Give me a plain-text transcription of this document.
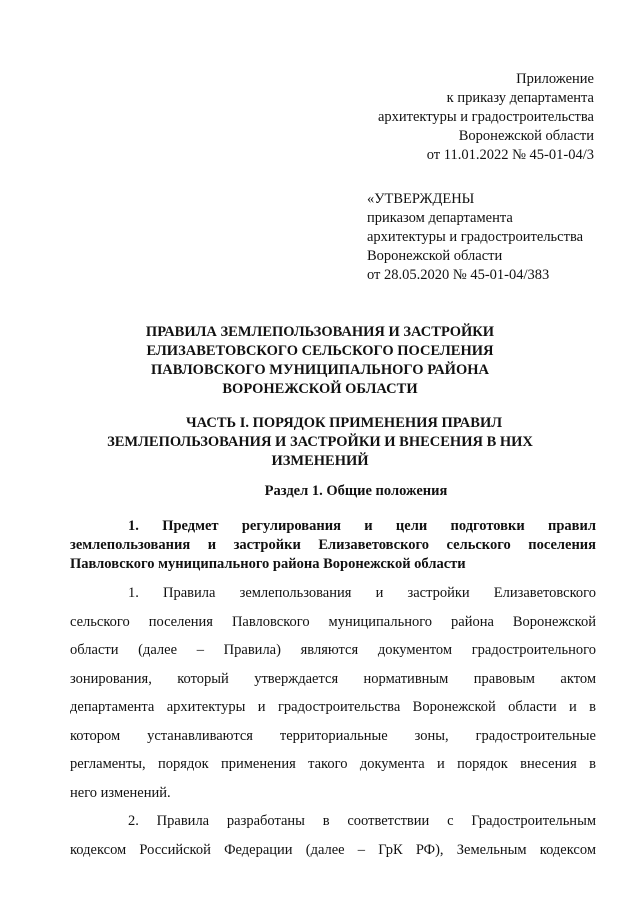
Приложение
к приказу департамента
архитектуры и градостроительства
Воронежской области
от 11.01.2022 № 45-01-04/3
«УТВЕРЖДЕНЫ
приказом департамента
архитектуры и градостроительства
Воронежской области
от 28.05.2020 № 45-01-04/383
ПРАВИЛА ЗЕМЛЕПОЛЬЗОВАНИЯ И ЗАСТРОЙКИ
ЕЛИЗАВЕТОВСКОГО СЕЛЬСКОГО ПОСЕЛЕНИЯ
ПАВЛОВСКОГО МУНИЦИПАЛЬНОГО РАЙОНА
ВОРОНЕЖСКОЙ ОБЛАСТИ
ЧАСТЬ I. ПОРЯДОК ПРИМЕНЕНИЯ ПРАВИЛ
ЗЕМЛЕПОЛЬЗОВАНИЯ И ЗАСТРОЙКИ И ВНЕСЕНИЯ В НИХ
ИЗМЕНЕНИЙ
Раздел 1. Общие положения
1. Предмет регулирования и цели подготовки правил
землепользования и застройки Елизаветовского сельского поселения
Павловского муниципального района Воронежской области
1. Правила землепользования и застройки Елизаветовского
сельского поселения Павловского муниципального района Воронежской
области (далее – Правила) являются документом градостроительного
зонирования, который утверждается нормативным правовым актом
департамента архитектуры и градостроительства Воронежской области и в
котором устанавливаются территориальные зоны, градостроительные
регламенты, порядок применения такого документа и порядок внесения в
него изменений.
2. Правила разработаны в соответствии с Градостроительным
кодексом Российской Федерации (далее – ГрК РФ), Земельным кодексом
